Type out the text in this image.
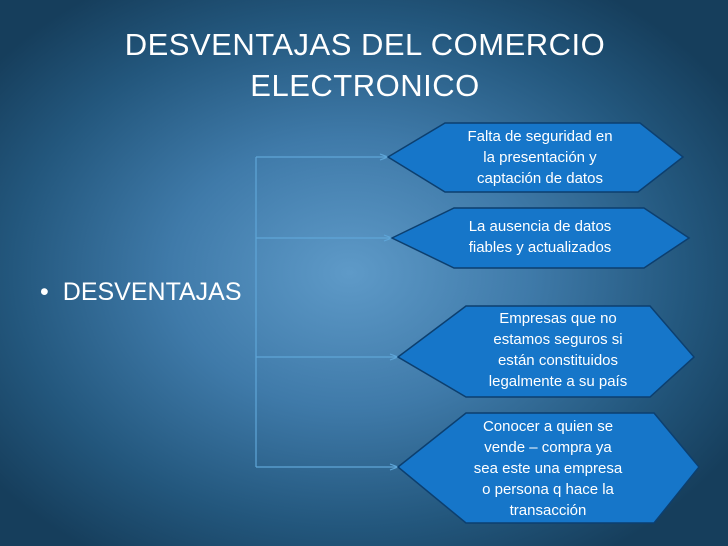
DESVENTAJAS DEL COMERCIO
ELECTRONICO
• DESVENTAJAS
Falta de seguridad en
la presentación y
captación de datos
La ausencia de datos
fiables y actualizados
Empresas que no
estamos seguros si
están constituidos
legalmente a su país
Conocer a quien se
vende – compra ya
sea este una empresa
o persona q hace la
transacción
